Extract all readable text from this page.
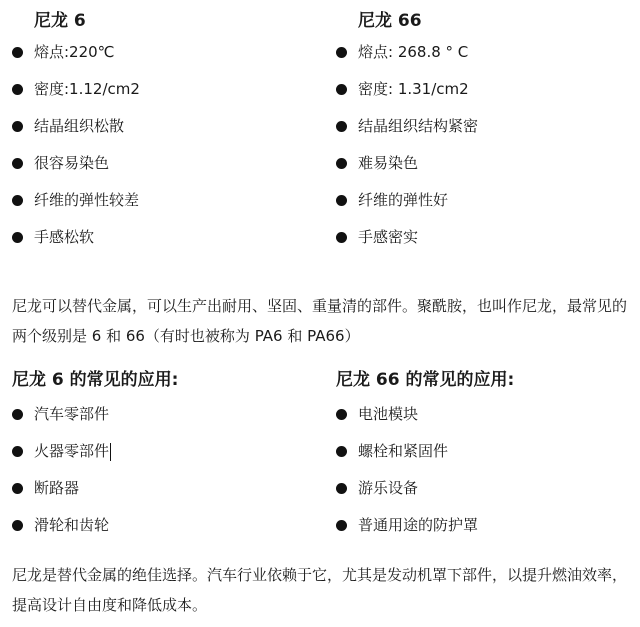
尼龙 6
熔点:220℃
密度:1.12/cm2
结晶组织松散
很容易染色
纤维的弹性较差
手感松软
尼龙 66
熔点: 268.8 ° C
密度: 1.31/cm2
结晶组织结构紧密
难易染色
纤维的弹性好
手感密实
尼龙可以替代金属，可以生产出耐用、坚固、重量清的部件。聚酰胺，也叫作尼龙，最常见的两个级别是 6 和 66（有时也被称为 PA6 和 PA66）
尼龙 6 的常见的应用:
汽车零部件
火器零部件
断路器
滑轮和齿轮
尼龙 66 的常见的应用:
电池模块
螺栓和紧固件
游乐设备
普通用途的防护罩
尼龙是替代金属的绝佳选择。汽车行业依赖于它，尤其是发动机罩下部件，以提升燃油效率，提高设计自由度和降低成本。
